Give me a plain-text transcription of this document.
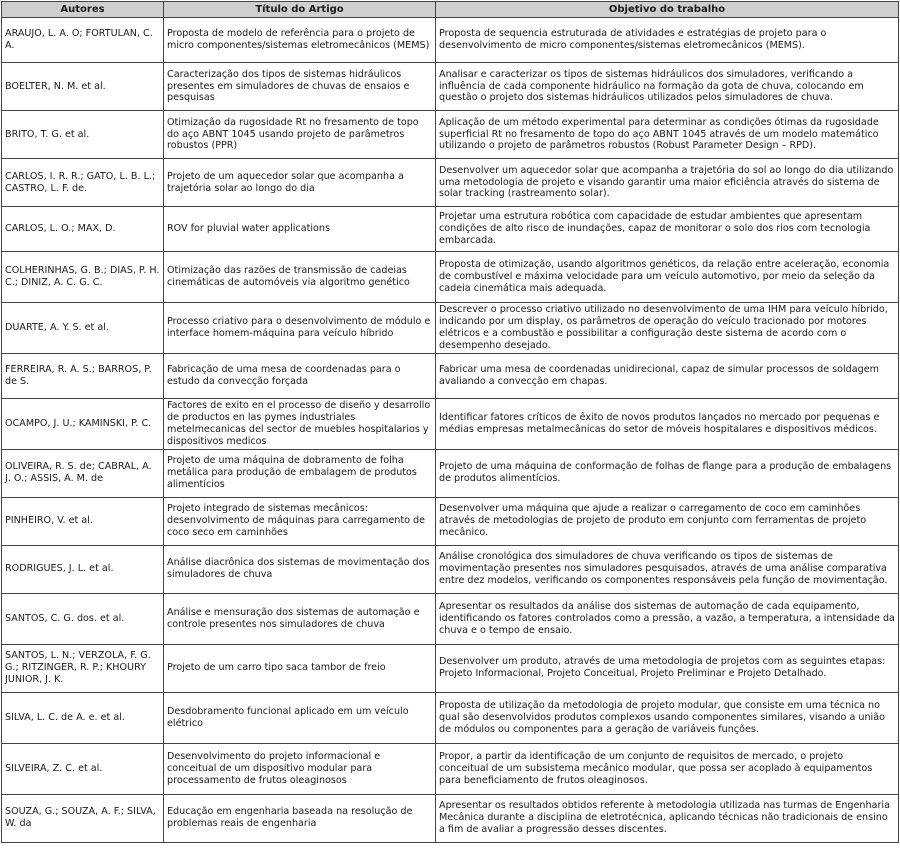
Autores	Título do Artigo	Objetivo do trabalho
ARAUJO, L. A. O; FORTULAN, C. A.	Proposta de modelo de referência para o projeto de micro componentes/sistemas eletromecânicos (MEMS)	Proposta de sequencia estruturada de atividades e estratégias de projeto para o desenvolvimento de micro componentes/sistemas eletromecânicos (MEMS).
BOELTER, N. M. et al.	Caracterização dos tipos de sistemas hidráulicos presentes em simuladores de chuvas de ensaios e pesquisas	Analisar e caracterizar os tipos de sistemas hidráulicos dos simuladores, verificando a influência de cada componente hidráulico na formação da gota de chuva, colocando em questão o projeto dos sistemas hidráulicos utilizados pelos simuladores de chuva.
BRITO, T. G. et al.	Otimização da rugosidade Rt no fresamento de topo do aço ABNT 1045 usando projeto de parâmetros robustos (PPR)	Aplicação de um método experimental para determinar as condições ótimas da rugosidade superficial Rt no fresamento de topo do aço ABNT 1045 através de um modelo matemático utilizando o projeto de parâmetros robustos (Robust Parameter Design – RPD).
CARLOS, I. R. R.; GATO, L. B. L.; CASTRO, L. F. de.	Projeto de um aquecedor solar que acompanha a trajetória solar ao longo do dia	Desenvolver um aquecedor solar que acompanha a trajetória do sol ao longo do dia utilizando uma metodologia de projeto e visando garantir uma maior eficiência através do sistema de solar tracking (rastreamento solar).
CARLOS, L. O.; MAX, D.	ROV for pluvial water applications	Projetar uma estrutura robótica com capacidade de estudar ambientes que apresentam condições de alto risco de inundações, capaz de monitorar o solo dos rios com tecnologia embarcada.
COLHERINHAS, G. B.; DIAS, P. H. C.; DINIZ, A. C. G. C.	Otimização das razões de transmissão de cadeias cinemáticas de automóveis via algoritmo genético	Proposta de otimização, usando algoritmos genéticos, da relação entre aceleração, economia de combustível e máxima velocidade para um veículo automotivo, por meio da seleção da cadeia cinemática mais adequada.
DUARTE, A. Y. S. et al.	Processo criativo para o desenvolvimento de módulo e interface homem-máquina para veículo híbrido	Descrever o processo criativo utilizado no desenvolvimento de uma IHM para veículo híbrido, indicando por um display, os parâmetros de operação do veículo tracionado por motores elétricos e a combustão e possibilitar a configuração deste sistema de acordo com o desempenho desejado.
FERREIRA, R. A. S.; BARROS, P. de S.	Fabricação de uma mesa de coordenadas para o estudo da convecção forçada	Fabricar uma mesa de coordenadas unidirecional, capaz de simular processos de soldagem avaliando a convecção em chapas.
OCAMPO, J. U.; KAMINSKI, P. C.	Factores de exito en el processo de diseño y desarrollo de productos en las pymes industriales metelmecanicas del sector de muebles hospitalarios y dispositivos medicos	Identificar fatores críticos de êxito de novos produtos lançados no mercado por pequenas e médias empresas metalmecânicas do setor de móveis hospitalares e dispositivos médicos.
OLIVEIRA, R. S. de; CABRAL, A. J. O.; ASSIS, A. M. de	Projeto de uma máquina de dobramento de folha metálica para produção de embalagem de produtos alimentícios	Projeto de uma máquina de conformação de folhas de flange para a produção de embalagens de produtos alimentícios.
PINHEIRO, V. et al.	Projeto integrado de sistemas mecânicos: desenvolvimento de máquinas para carregamento de coco seco em caminhões	Desenvolver uma máquina que ajude a realizar o carregamento de coco em caminhões através de metodologias de projeto de produto em conjunto com ferramentas de projeto mecânico.
RODRIGUES, J. L. et al.	Análise diacrônica dos sistemas de movimentação dos simuladores de chuva	Análise cronológica dos simuladores de chuva verificando os tipos de sistemas de movimentação presentes nos simuladores pesquisados, através de uma análise comparativa entre dez modelos, verificando os componentes responsáveis pela função de movimentação.
SANTOS, C. G. dos. et al.	Análise e mensuração dos sistemas de automação e controle presentes nos simuladores de chuva	Apresentar os resultados da análise dos sistemas de automação de cada equipamento, identificando os fatores controlados como a pressão, a vazão, a temperatura, a intensidade da chuva e o tempo de ensaio.
SANTOS, L. N.; VERZOLA, F. G. G.; RITZINGER, R. P.; KHOURY JUNIOR, J. K.	Projeto de um carro tipo saca tambor de freio	Desenvolver um produto, através de uma metodologia de projetos com as seguintes etapas: Projeto Informacional, Projeto Conceitual, Projeto Preliminar e Projeto Detalhado.
SILVA, L. C. de A. e. et al.	Desdobramento funcional aplicado em um veículo elétrico	Proposta de utilização da metodologia de projeto modular, que consiste em uma técnica no qual são desenvolvidos produtos complexos usando componentes similares, visando a união de módulos ou componentes para a geração de variáveis funções.
SILVEIRA, Z. C. et al.	Desenvolvimento do projeto informacional e conceitual de um dispositivo modular para processamento de frutos oleaginosos	Propor, a partir da identificação de um conjunto de requisitos de mercado, o projeto conceitual de um subsistema mecânico modular, que possa ser acoplado à equipamentos para beneficiamento de frutos oleaginosos.
SOUZA, G.; SOUZA, A. F.; SILVA, W. da	Educação em engenharia baseada na resolução de problemas reais de engenharia	Apresentar os resultados obtidos referente à metodologia utilizada nas turmas de Engenharia Mecânica durante a disciplina de eletrotécnica, aplicando técnicas não tradicionais de ensino a fim de avaliar a progressão desses discentes.
